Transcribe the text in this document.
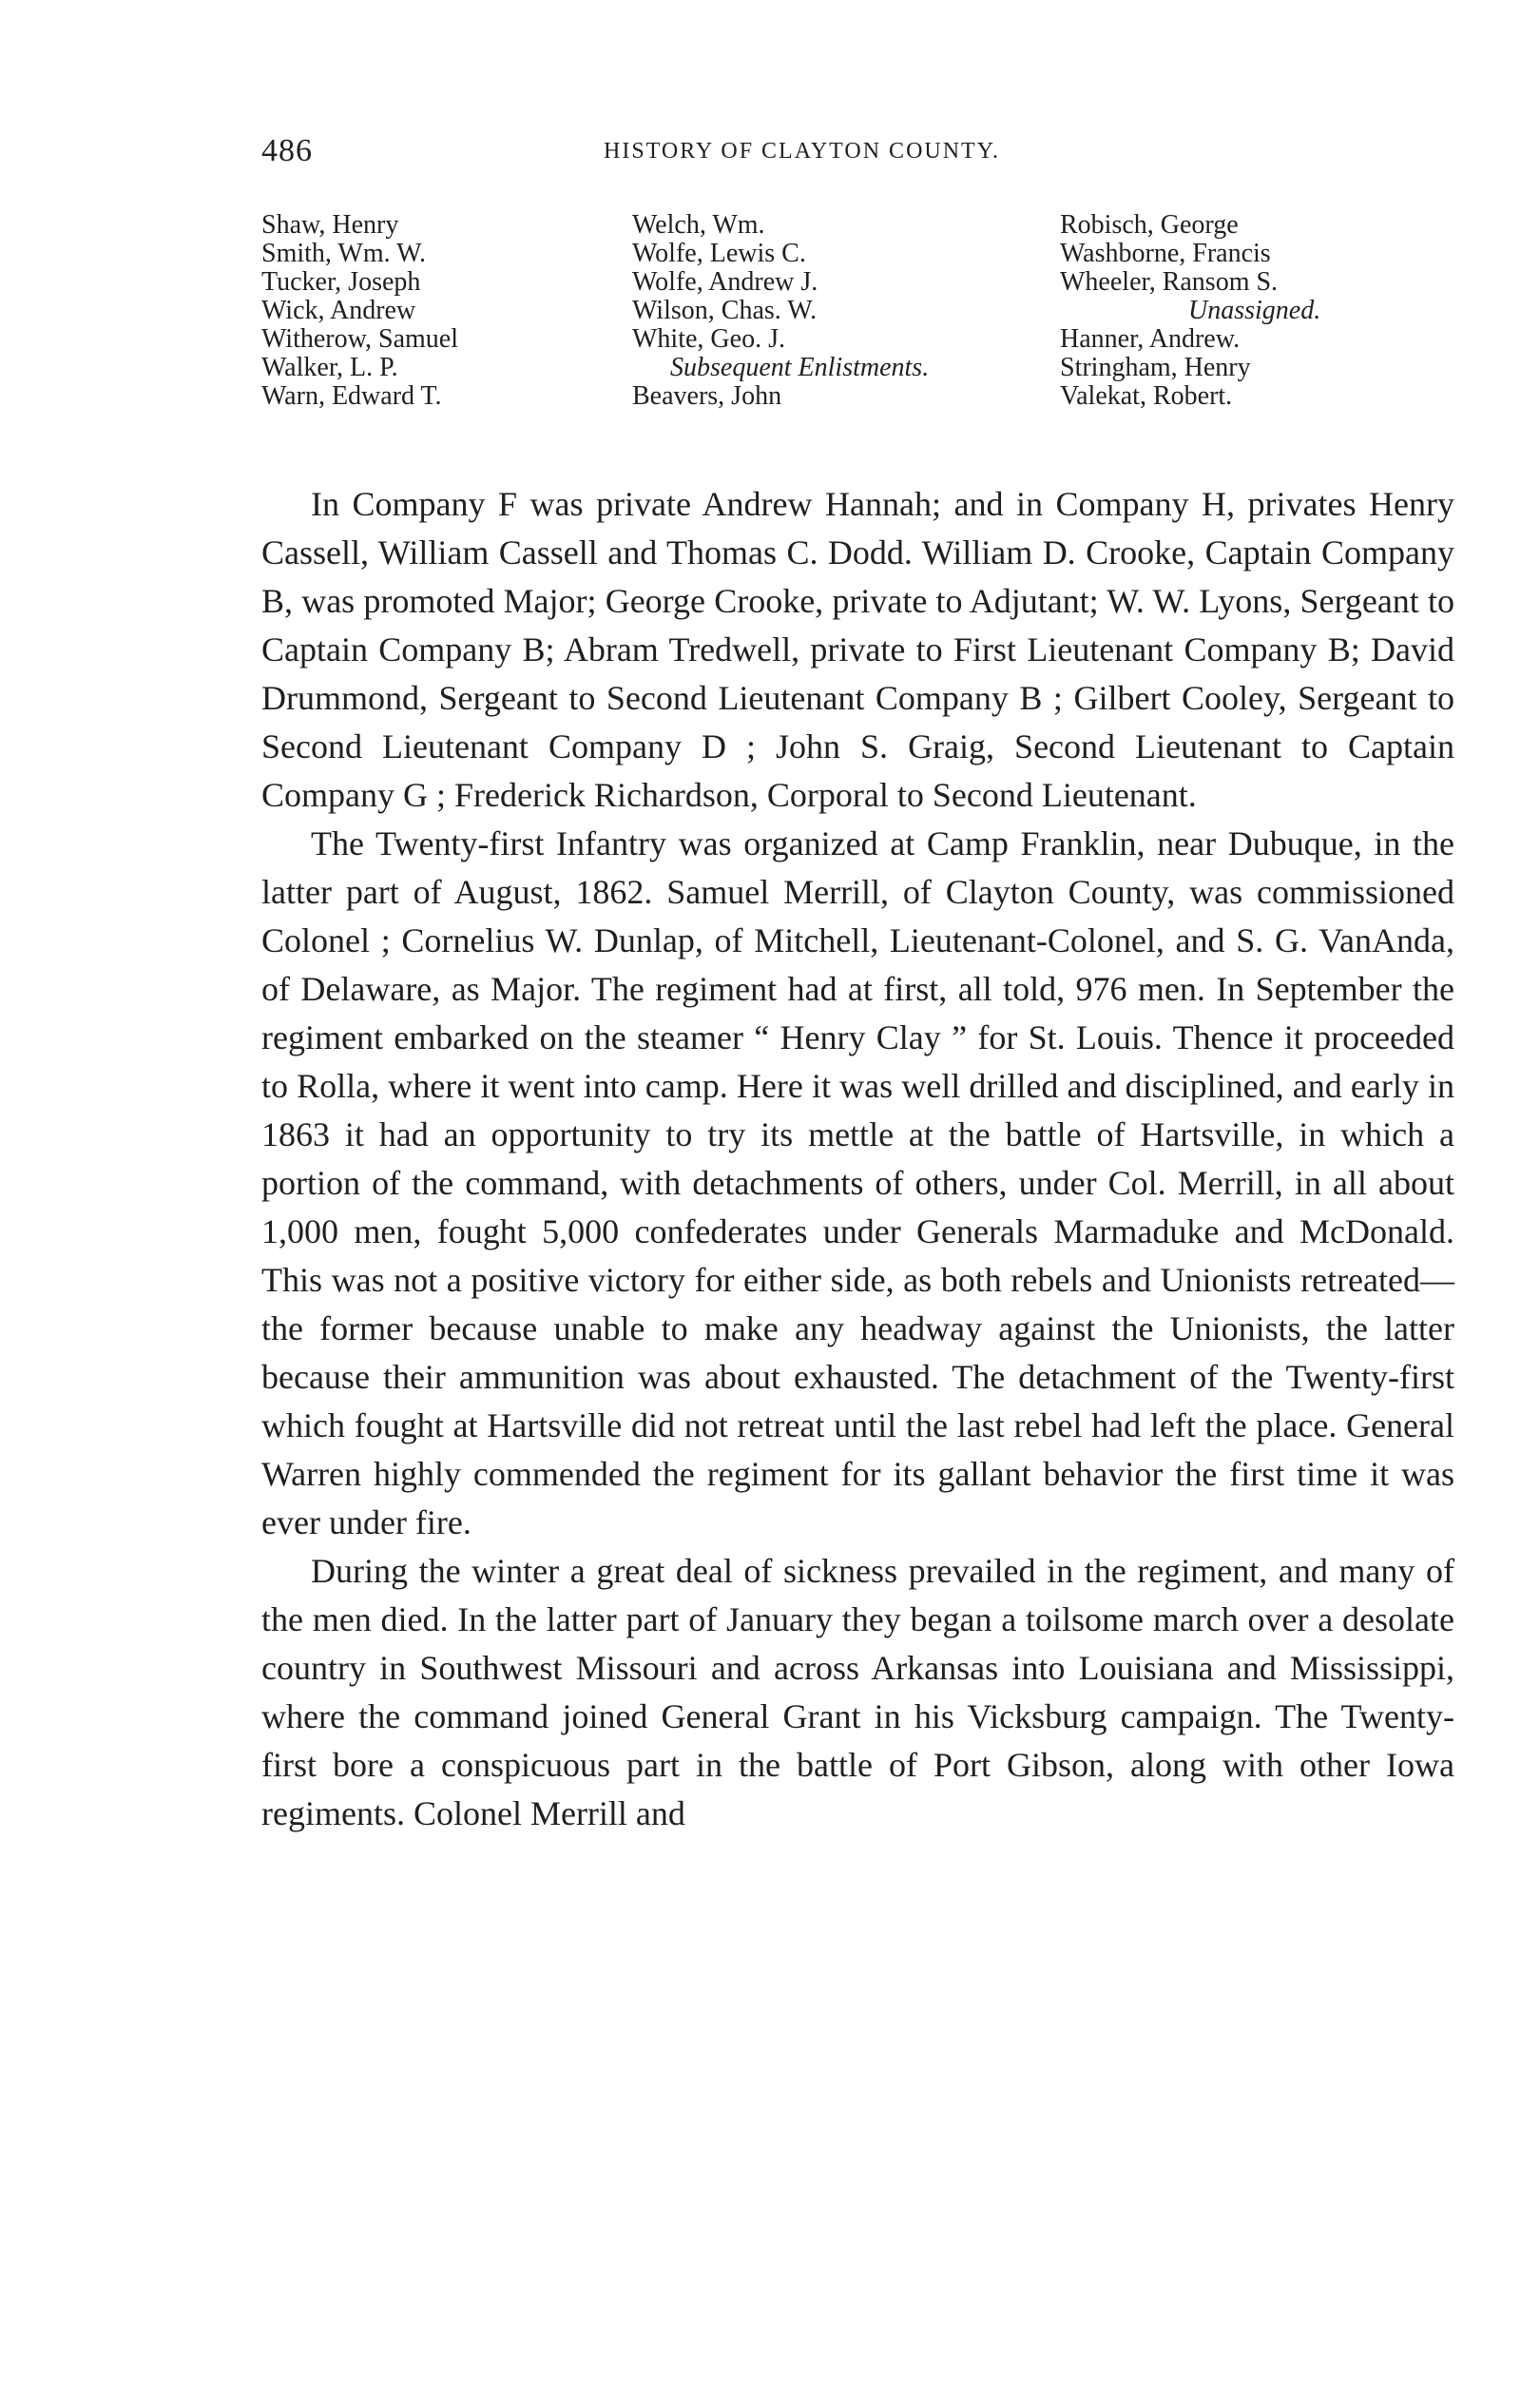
486	HISTORY OF CLAYTON COUNTY.
Shaw, Henry
Smith, Wm. W.
Tucker, Joseph
Wick, Andrew
Witherow, Samuel
Walker, L. P.
Warn, Edward T.
Welch, Wm.
Wolfe, Lewis C.
Wolfe, Andrew J.
Wilson, Chas. W.
White, Geo. J.
Subsequent Enlistments.
Beavers, John
Robisch, George
Washborne, Francis
Wheeler, Ransom S.
Unassigned.
Hanner, Andrew.
Stringham, Henry
Valekat, Robert.

In Company F was private Andrew Hannah; and in Company H, privates Henry Cassell, William Cassell and Thomas C. Dodd. William D. Crooke, Captain Company B, was promoted Major; George Crooke, private to Adjutant; W. W. Lyons, Sergeant to Captain Company B; Abram Tredwell, private to First Lieutenant Company B; David Drummond, Sergeant to Second Lieutenant Company B ; Gilbert Cooley, Sergeant to Second Lieutenant Company D ; John S. Graig, Second Lieutenant to Captain Company G ; Frederick Richardson, Corporal to Second Lieutenant.

The Twenty-first Infantry was organized at Camp Franklin, near Dubuque, in the latter part of August, 1862. Samuel Merrill, of Clayton County, was commissioned Colonel ; Cornelius W. Dunlap, of Mitchell, Lieutenant-Colonel, and S. G. VanAnda, of Delaware, as Major. The regiment had at first, all told, 976 men. In September the regiment embarked on the steamer “ Henry Clay ” for St. Louis. Thence it proceeded to Rolla, where it went into camp. Here it was well drilled and disciplined, and early in 1863 it had an opportunity to try its mettle at the battle of Hartsville, in which a portion of the command, with detachments of others, under Col. Merrill, in all about 1,000 men, fought 5,000 confederates under Generals Marmaduke and McDonald. This was not a positive victory for either side, as both rebels and Unionists retreated—the former because unable to make any headway against the Unionists, the latter because their ammunition was about exhausted. The detachment of the Twenty-first which fought at Hartsville did not retreat until the last rebel had left the place. General Warren highly commended the regiment for its gallant behavior the first time it was ever under fire.

During the winter a great deal of sickness prevailed in the regiment, and many of the men died. In the latter part of January they began a toilsome march over a desolate country in Southwest Missouri and across Arkansas into Louisiana and Mississippi, where the command joined General Grant in his Vicksburg campaign. The Twenty-first bore a conspicuous part in the battle of Port Gibson, along with other Iowa regiments. Colonel Merrill and
